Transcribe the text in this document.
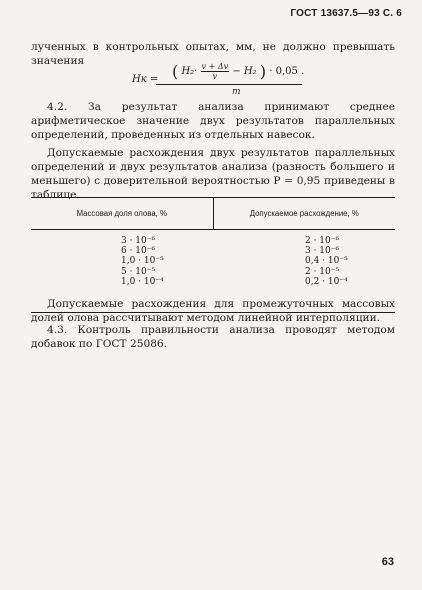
ГОСТ 13637.5—93 С. 6
лученных в контрольных опытах, мм, не должно превышать значения
Hк = ( $H_2\cdot \frac{v + \Delta v}{v} - H_2$ ) · 0,05 .
m
4.2. За результат анализа принимают среднее арифметическое значение двух результатов параллельных определений, проведенных из отдельных навесок.
Допускаемые расхождения двух результатов параллельных определений и двух результатов анализа (разность большего и меньшего) с доверительной вероятностью P = 0,95 приведены в таблице.
Массовая доля олова, %	Допускаемое расхождение, %
3 · 10⁻⁶
6 · 10⁻⁶
1,0 · 10⁻⁵
5 · 10⁻⁵
1,0 · 10⁻⁴
2 · 10⁻⁶
3 · 10⁻⁶
0,4 · 10⁻⁵
2 · 10⁻⁵
0,2 · 10⁻⁴
Допускаемые расхождения для промежуточных массовых долей олова рассчитывают методом линейной интерполяции.
4.3. Контроль правильности анализа проводят методом добавок по ГОСТ 25086.
63
